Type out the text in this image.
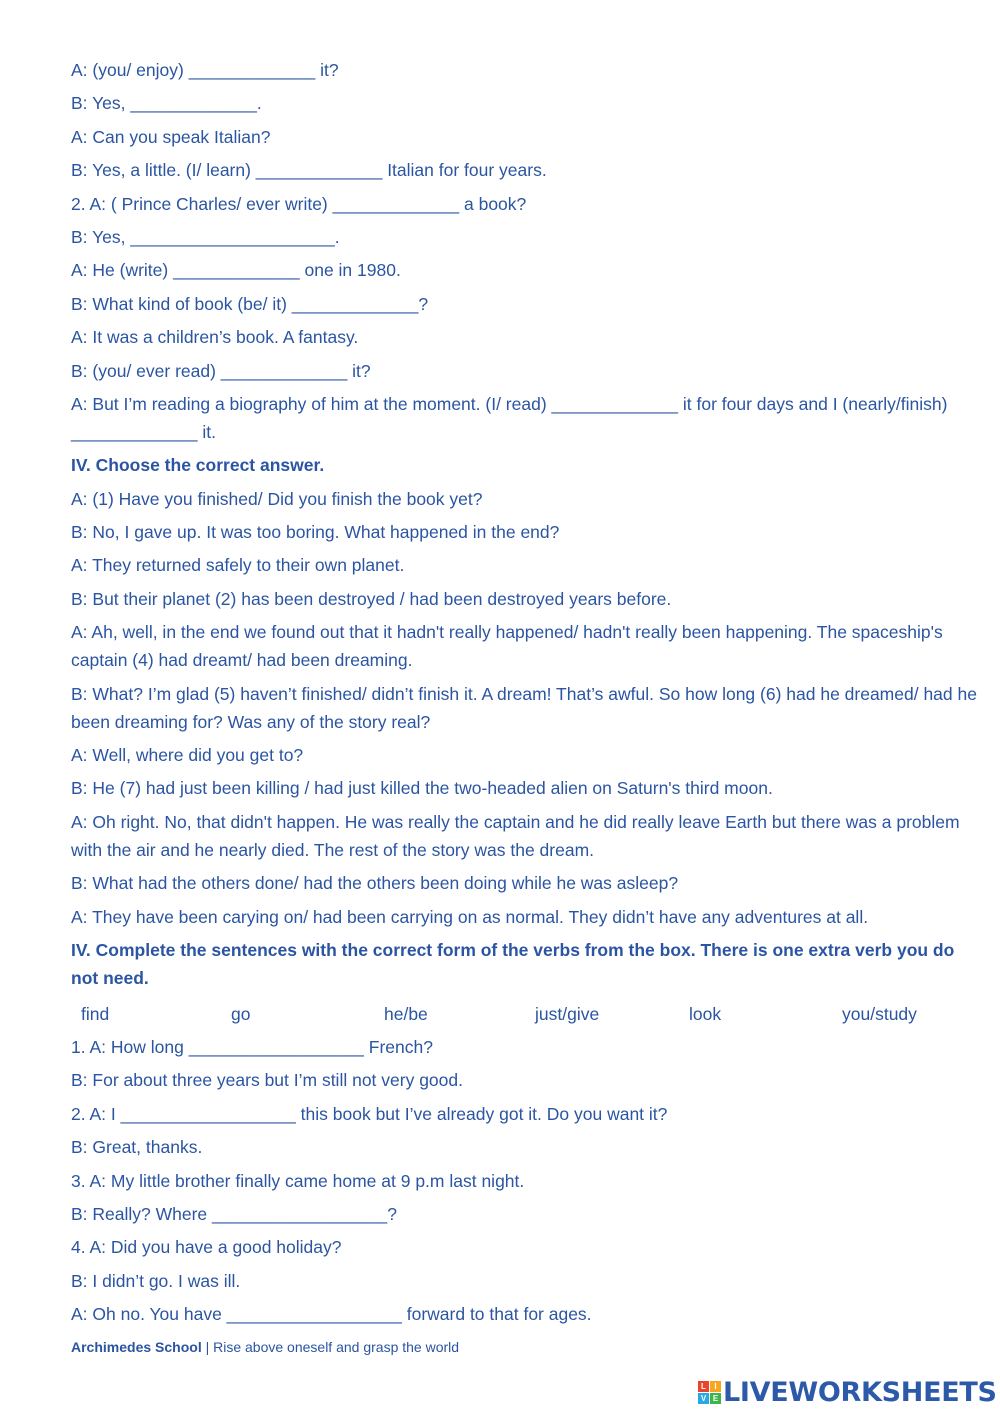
A: (you/ enjoy) _____________ it?
B: Yes, _____________.
A: Can you speak Italian?
B: Yes, a little. (I/ learn) _____________ Italian for four years.
2. A: ( Prince Charles/ ever write) _____________ a book?
B: Yes, _____________________.
A: He (write) _____________ one in 1980.
B: What kind of book (be/ it) _____________?
A: It was a children’s book. A fantasy.
B: (you/ ever read) _____________ it?
A: But I’m reading a biography of him at the moment. (I/ read) _____________ it for four days and I (nearly/finish) _____________ it.
IV. Choose the correct answer.
A: (1) Have you finished/ Did you finish the book yet?
B: No, I gave up. It was too boring. What happened in the end?
A: They returned safely to their own planet.
B: But their planet (2) has been destroyed / had been destroyed years before.
A: Ah, well, in the end we found out that it hadn't really happened/ hadn't really been happening. The spaceship's captain (4) had dreamt/ had been dreaming.
B: What? I’m glad (5) haven’t finished/ didn’t finish it. A dream! That’s awful. So how long (6) had he dreamed/ had he been dreaming for? Was any of the story real?
A: Well, where did you get to?
B: He (7) had just been killing / had just killed the two-headed alien on Saturn's third moon.
A: Oh right. No, that didn't happen. He was really the captain and he did really leave Earth but there was a problem with the air and he nearly died. The rest of the story was the dream.
B: What had the others done/ had the others been doing while he was asleep?
A: They have been carying on/ had been carrying on as normal. They didn’t have any adventures at all.
IV. Complete the sentences with the correct form of the verbs from the box. There is one extra verb you do not need.
find	go	he/be	just/give	look	you/study
1. A: How long __________________ French?
B: For about three years but I’m still not very good.
2. A: I __________________ this book but I’ve already got it. Do you want it?
B: Great, thanks.
3. A: My little brother finally came home at 9 p.m last night.
B: Really? Where __________________?
4. A: Did you have a good holiday?
B: I didn’t go. I was ill.
A: Oh no. You have __________________ forward to that for ages.
Archimedes School | Rise above oneself and grasp the world
L	I
V E LIVEWORKSHEETS
